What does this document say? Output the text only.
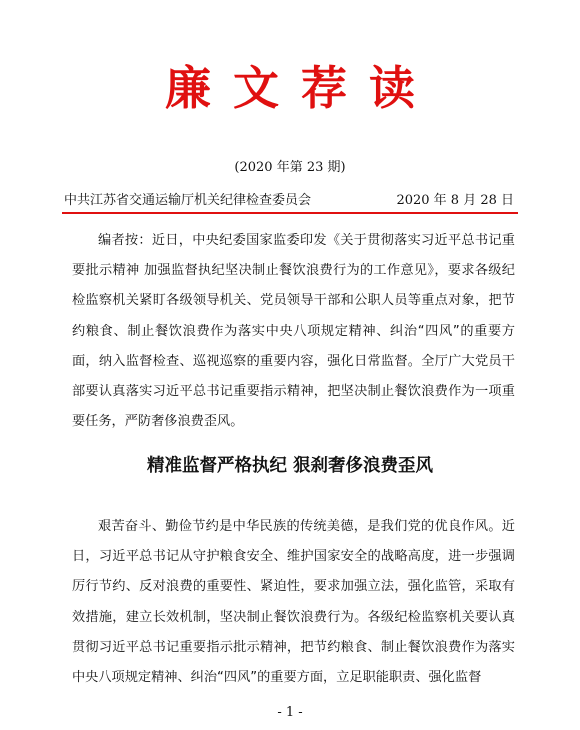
廉文荐读
(2020 年第 23 期)
中共江苏省交通运输厅机关纪律检查委员会	2020 年 8 月 28 日

编者按：近日，中央纪委国家监委印发《关于贯彻落实习近平总书记重要批示精神 加强监督执纪坚决制止餐饮浪费行为的工作意见》，要求各级纪检监察机关紧盯各级领导机关、党员领导干部和公职人员等重点对象，把节约粮食、制止餐饮浪费作为落实中央八项规定精神、纠治“四风”的重要方面，纳入监督检查、巡视巡察的重要内容，强化日常监督。全厅广大党员干部要认真落实习近平总书记重要指示精神，把坚决制止餐饮浪费作为一项重要任务，严防奢侈浪费歪风。

精准监督严格执纪 狠刹奢侈浪费歪风

艰苦奋斗、勤俭节约是中华民族的传统美德，是我们党的优良作风。近日，习近平总书记从守护粮食安全、维护国家安全的战略高度，进一步强调厉行节约、反对浪费的重要性、紧迫性，要求加强立法，强化监管，采取有效措施，建立长效机制，坚决制止餐饮浪费行为。各级纪检监察机关要认真贯彻习近平总书记重要指示批示精神，把节约粮食、制止餐饮浪费作为落实中央八项规定精神、纠治“四风”的重要方面，立足职能职责、强化监督

- 1 -
